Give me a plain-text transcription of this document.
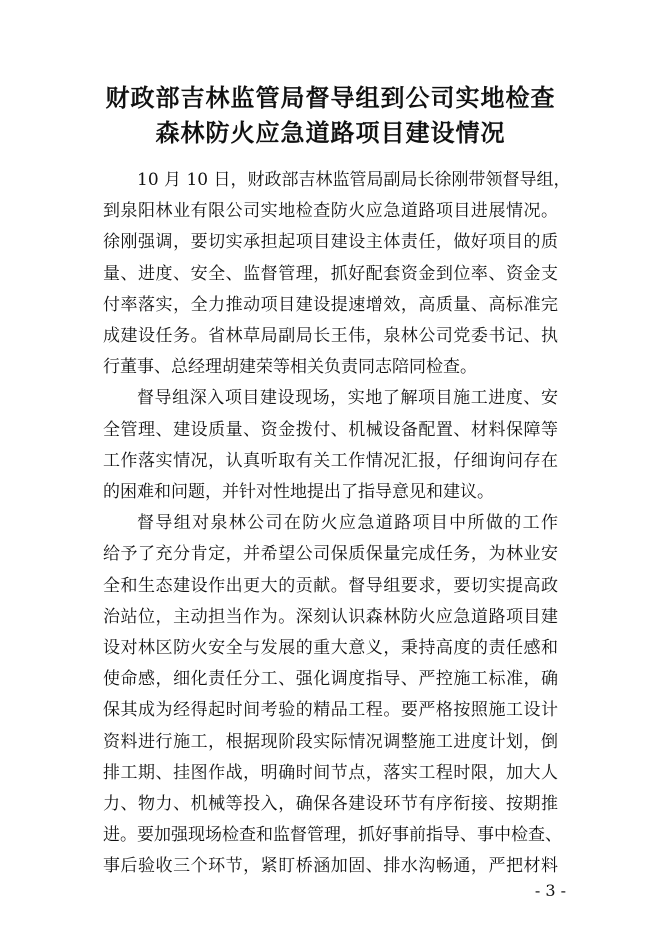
财政部吉林监管局督导组到公司实地检查
森林防火应急道路项目建设情况
10 月 10 日，财政部吉林监管局副局长徐刚带领督导组，
到泉阳林业有限公司实地检查防火应急道路项目进展情况。
徐刚强调，要切实承担起项目建设主体责任，做好项目的质
量、进度、安全、监督管理，抓好配套资金到位率、资金支
付率落实，全力推动项目建设提速增效，高质量、高标准完
成建设任务。省林草局副局长王伟，泉林公司党委书记、执
行董事、总经理胡建荣等相关负责同志陪同检查。
督导组深入项目建设现场，实地了解项目施工进度、安
全管理、建设质量、资金拨付、机械设备配置、材料保障等
工作落实情况，认真听取有关工作情况汇报，仔细询问存在
的困难和问题，并针对性地提出了指导意见和建议。
督导组对泉林公司在防火应急道路项目中所做的工作
给予了充分肯定，并希望公司保质保量完成任务，为林业安
全和生态建设作出更大的贡献。督导组要求，要切实提高政
治站位，主动担当作为。深刻认识森林防火应急道路项目建
设对林区防火安全与发展的重大意义，秉持高度的责任感和
使命感，细化责任分工、强化调度指导、严控施工标准，确
保其成为经得起时间考验的精品工程。要严格按照施工设计
资料进行施工，根据现阶段实际情况调整施工进度计划，倒
排工期、挂图作战，明确时间节点，落实工程时限，加大人
- 3 -
力、物力、机械等投入，确保各建设环节有序衔接、按期推
进。要加强现场检查和监督管理，抓好事前指导、事中检查、
事后验收三个环节，紧盯桥涵加固、排水沟畅通，严把材料
